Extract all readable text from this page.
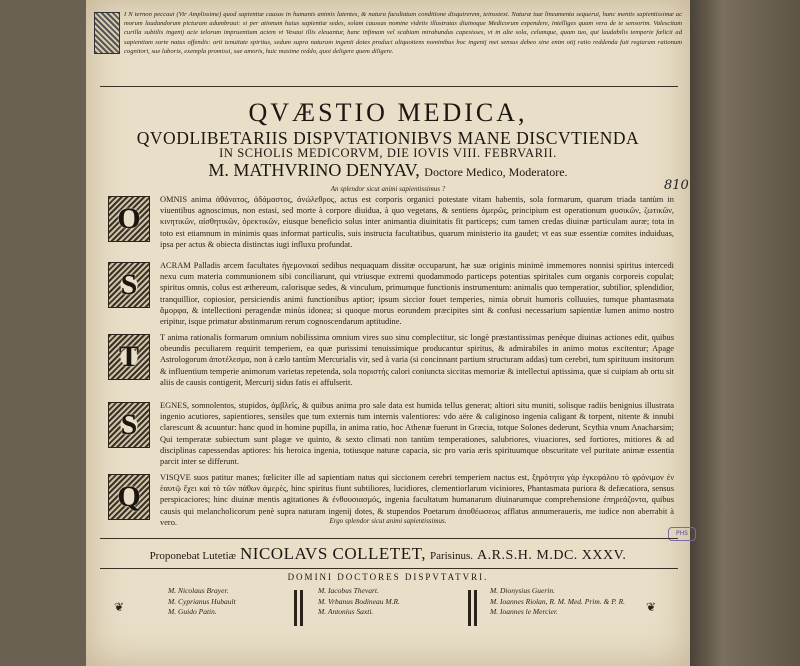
I N ternon peccaui (Vir Amplissime) quod sapientiæ causas in humanis animis latentes, & natura facultatum conditione disquirerem, teinsstexi. Naturæ tuæ lineamenta sequerui, hanc mentis sapientissimæ ac morum laudandorum picturam adumbraui: si per ationum huius sapientiæ sedes, solam caussas nomine videtis illustratas diuinoque Medicorum expendere, intelliges quam vera de te sensorim. Valescitum curilla subtilis ingenij acie telorum impruentium aciem vt Vesaui illis eleuantur, hanc infimam vel scabiam mirabundus capesisses, vt in alte sola, celumque, quam tuo, qui laudabilis temperie fælicii ad sapientiam sorte natus offendis: arti tenuitate spiritus, sedum supra naturam ingenii dotes produci aliquotiens nominibus hoc ingenij mei sensus debeo sine enim otij ratio reddenda fuit regiarum rationum cognitori, sue laborix, exempla promissi, sue amoris, huic maxime reddo, quoi deligere quem diligere.
QVÆSTIO MEDICA,
QVODLIBETARIIS DISPVTATIONIBVS MANE DISCVTIENDA
IN SCHOLIS MEDICORVM, DIE IOVIS VIII. FEBRVARII.
M. MATHVRINO DENYAV, Doctore Medico, Moderatore.
An splendor sicut animi sapientissimus ?	810
O
OMNIS anima ἀθάνατος, ἀδάμαστος, ἀνώλεθρος, actus est corporis organici potestate vitam habentis, sola formarum, quarum triada tantùm in viuentibus agnoscimus, non estasi, sed morte à corpore diuidua, à quo vegetans, & sentiens ἀμερῶς, principium est operationum φυσικῶν, ζωτικῶν, κινητικῶν, αἰσθητικῶν, ὀρεκτικῶν, eiusque beneficio solus inter animantia diuinitatis fit particeps; cum tamen credas diuinæ particulam auræ; tota in toto est etiamnum in minimis quas informat particulis, suis instructa facultatibus, quarum ministerio ita gaudet; vt eas suæ essentiæ comites induiduas, ipsa per actus & obiecta distinctas iugi influxu profundat.
S
ACRAM Palladis arcem facultates ἡγεμονικαί sedibus nequaquam dissitæ occuparunt, hæ suæ originis minimè immemores nonnisi spiritus intercedi nexu cum materia communionem sibi conciliarunt, qui vtriusque extremi quodammodo particeps potentias spiritales cum organis corporeis copulat; spiritus omnis, colus est æthereum, calorisque sedes, & vinculum, primumque functionis instrumentum: animalis quo temperatior, subtilior, splendidior, tranquillior, copiosior, persiciendis animi functionibus aptior; ipsum siccior fouet temperies, nimia obruit humoris colluuies, tumque phantasmata ἄμορφα, & intellectioni peragendæ minùs idonea; si quoque morus eorundem præcipites sint & confusi necessarium sapientiæ lumen animo nostro eripitur, isque primatur abstinmarum rerum cognoscendarum aptitudine.
T
T anima rationalis formarum omnium nobilissima omnium vires suo sinu complectitur, sic longè præstantissimas penèque diuinas actiones edit, quibus obeundis peculiarem requirit temperiem, ea quæ purissimi tenuissimique producantur spiritus, & admirabiles in animo motus excitentur; Apage Astrologorum ἀποτέλεσμα, non à cælo tantùm Mercurialis vir, sed à varia (si concinnant partium structuram addas) tum cerebri, tum spirituum insitorum & influentium temperie animorum varietas repetenda, sola ποριστής calori coniuncta siccitas memoriæ & intellectui aptissima, quæ si cuipiam ab ortu sit aliis de causis contigerit, Mercurij sidus fatis ei affulserit.
S
EGNES, somnolentos, stupidos, ἀμβλεῖς, & quibus anima pro sale data est humida tellus generat; altiori situ muniti, solisque radiis benignius illustrata ingenio acutiores, sapientiores, sensiles que tum externis tum internis valentiores: vdo aëre & caliginoso ingenia caligant & torpent, nitente & innubi clarescunt & acuuntur: hanc quod in homine pupilla, in anima ratio, hoc Athenæ fuerunt in Græcia, totque Solones dederunt, Scythia vnum Anacharsim; Qui temperatæ subiectum sunt plagæ ve quinto, & sexto climati non tantùm temperationes, salubriores, viuaciores, sed fortiores, mitiores & ad disciplinas capessendas aptiores: his heroica ingenia, totiusque naturæ capacia, sic pro varia æris spirituumque obscuritate vel puritate animæ essentia parcit inter se differunt.
Q
VISQVE suos patitur manes; fœliciter ille ad sapientiam natus qui siccionem cerebri temperiem nactus est, ξηρότητα γὰρ ἐγκεφάλου τὸ φρόνιμον ἐν ἑαυτῷ ἔχει καὶ τὸ τῶν πάθων ἀμερὲς, hinc spiritus fiunt subtiliores, lucidiores, clementiorlarum viciniores, Phantasmata puriora & defæcatiora, sensus perspicaciores; hinc diuinæ mentis agitationes & ἐνθουσιασμός, ingenia facultatum humanarum diuinarumque comprehensione ἐπηρεάζοντα, quibus causis qui melancholicorum penè supra naturam ingenij dotes, & stupendos Poetarum ἀποθέωσεως afflatus annumeraueris, me iudice non aberrabit à vero.	Ergo splendor sicut animi sapientissimus.
PHS
Proponebat Lutetiæ NICOLAVS COLLETET, Parisinus. A.R.S.H. M.DC. XXXV.
DOMINI DOCTORES DISPVTATVRI.
❦	❦
M. Nicolaus Brayer.
M. Cyprianus Hubault
M. Guido Patin.
M. Iacobus Thevart.
M. Vrbanus Bodineau M.R.
M. Antonius Saxti.
M. Dionysius Guerin.
M. Ioannes Riolan, R. M. Med. Prim. & P. R.
M. Ioannes le Mercier.
